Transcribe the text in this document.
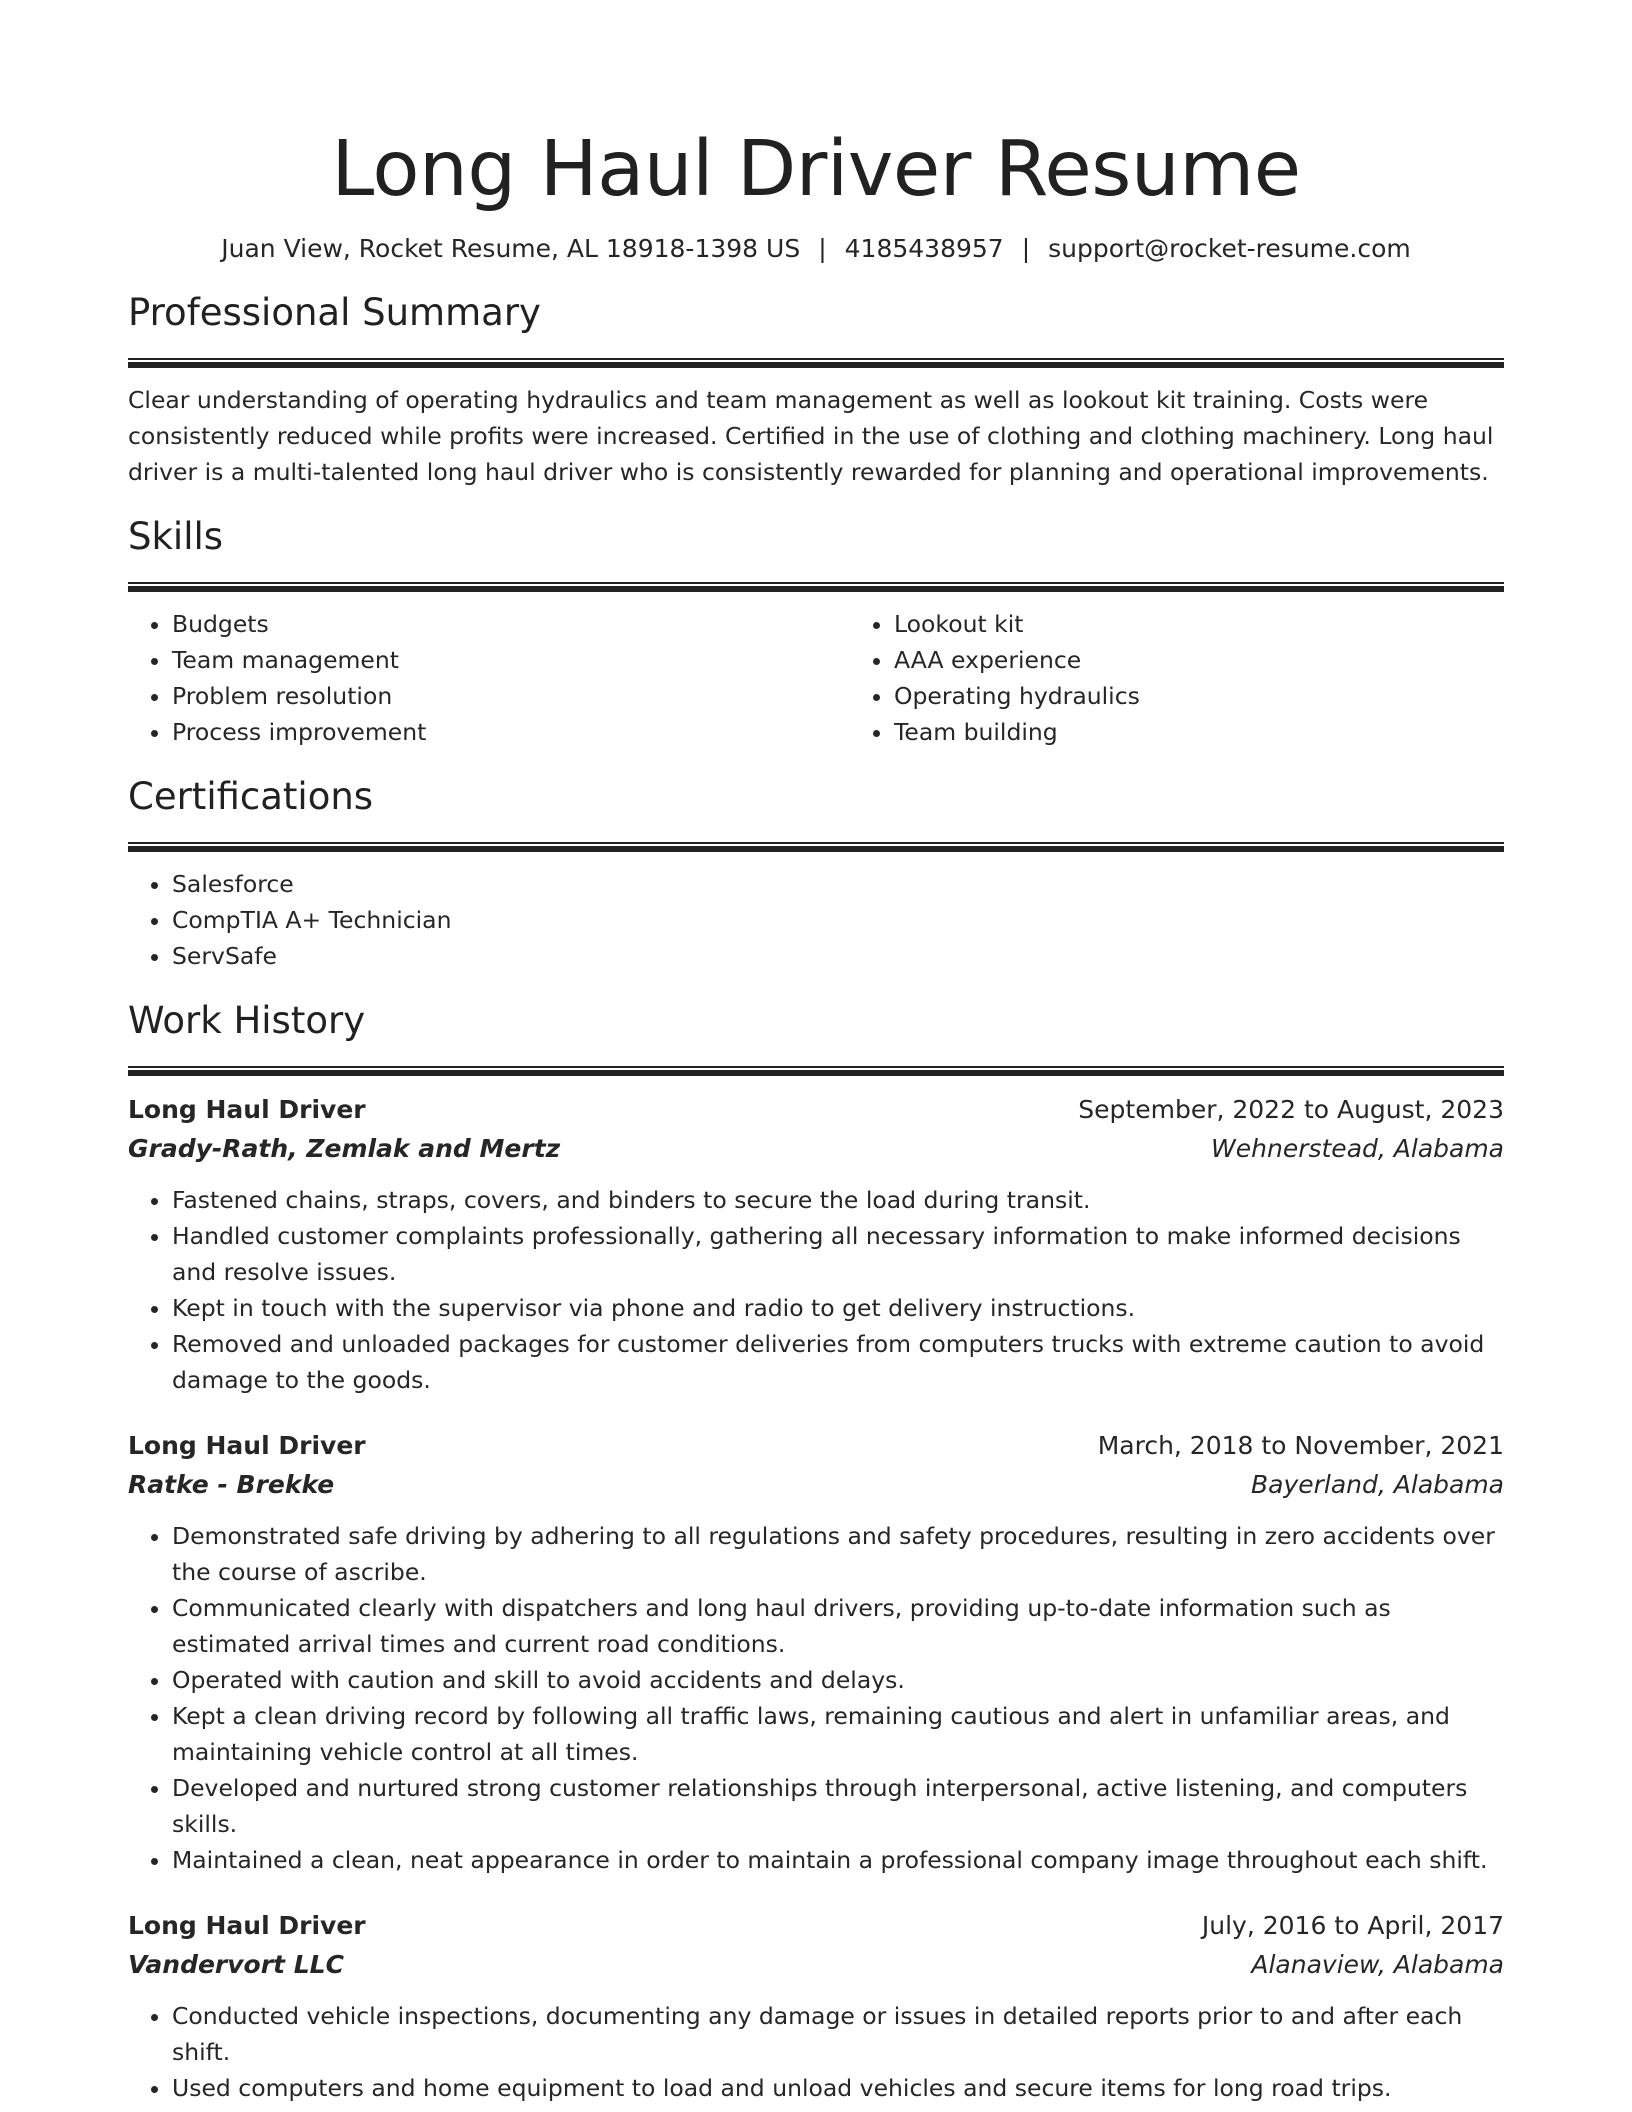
Long Haul Driver Resume
Juan View, Rocket Resume, AL 18918-1398 US | 4185438957 | support@rocket-resume.com
Professional Summary

Clear understanding of operating hydraulics and team management as well as lookout kit training. Costs were consistently reduced while profits were increased. Certified in the use of clothing and clothing machinery. Long haul driver is a multi-talented long haul driver who is consistently rewarded for planning and operational improvements.

Skills
• Budgets
• Team management
• Problem resolution
• Process improvement
• Lookout kit
• AAA experience
• Operating hydraulics
• Team building
Certifications
• Salesforce
• CompTIA A+ Technician
• ServSafe
Work History
Long Haul Driver	September, 2022 to August, 2023
Grady-Rath, Zemlak and Mertz	Wehnerstead, Alabama
• Fastened chains, straps, covers, and binders to secure the load during transit.
• Handled customer complaints professionally, gathering all necessary information to make informed decisions and resolve issues.
• Kept in touch with the supervisor via phone and radio to get delivery instructions.
• Removed and unloaded packages for customer deliveries from computers trucks with extreme caution to avoid damage to the goods.
Long Haul Driver	March, 2018 to November, 2021
Ratke - Brekke	Bayerland, Alabama
• Demonstrated safe driving by adhering to all regulations and safety procedures, resulting in zero accidents over the course of ascribe.
• Communicated clearly with dispatchers and long haul drivers, providing up-to-date information such as estimated arrival times and current road conditions.
• Operated with caution and skill to avoid accidents and delays.
• Kept a clean driving record by following all traffic laws, remaining cautious and alert in unfamiliar areas, and maintaining vehicle control at all times.
• Developed and nurtured strong customer relationships through interpersonal, active listening, and computers skills.
• Maintained a clean, neat appearance in order to maintain a professional company image throughout each shift.
Long Haul Driver	July, 2016 to April, 2017
Vandervort LLC	Alanaview, Alabama
• Conducted vehicle inspections, documenting any damage or issues in detailed reports prior to and after each shift.
• Used computers and home equipment to load and unload vehicles and secure items for long road trips.
